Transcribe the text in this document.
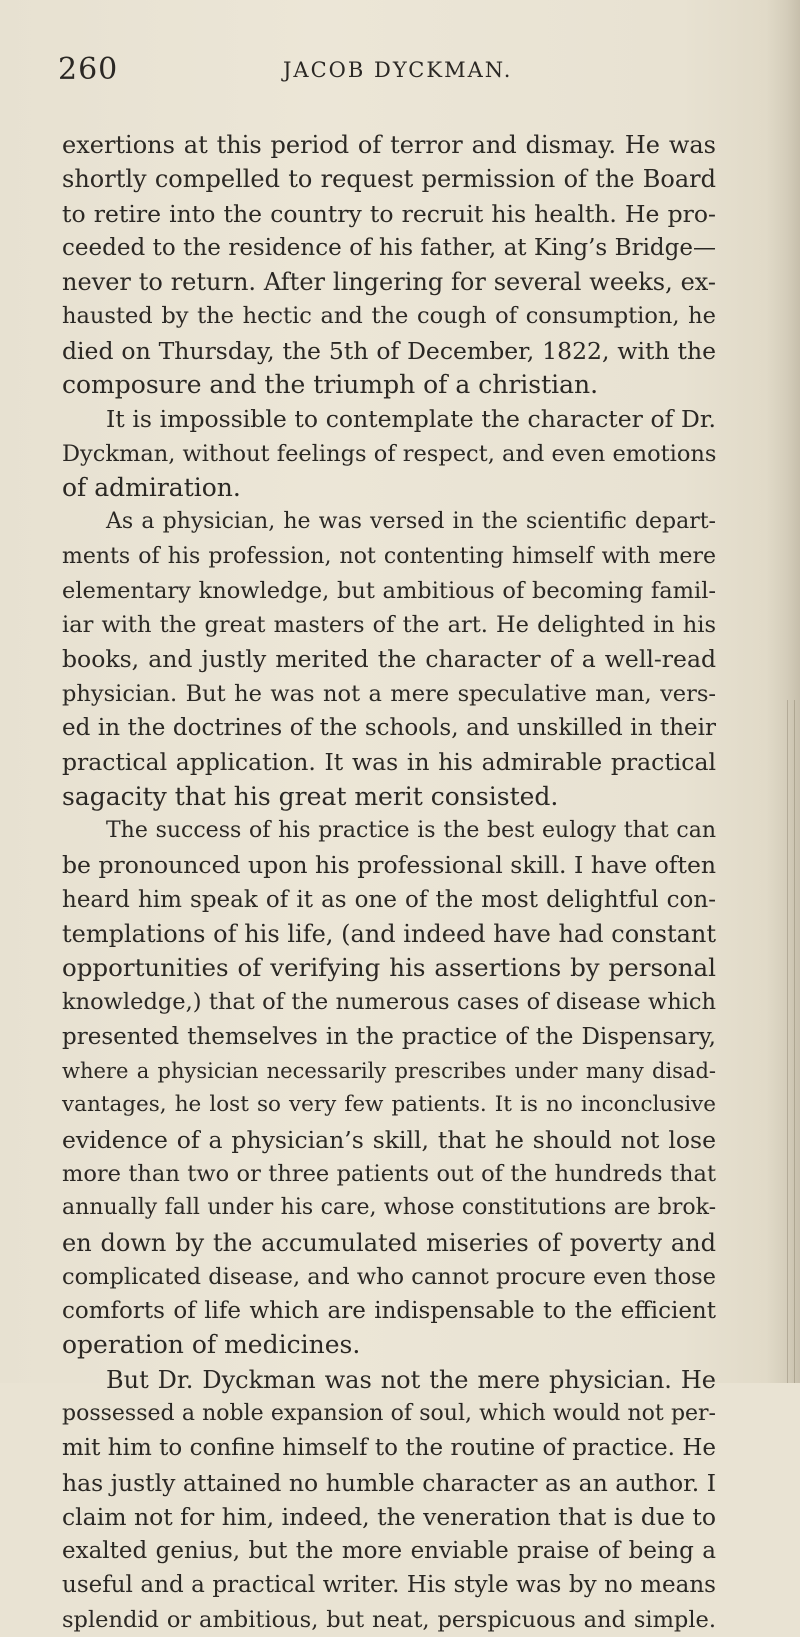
260	JACOB DYCKMAN.
exertions at this period of terror and dismay. He was
shortly compelled to request permission of the Board
to retire into the country to recruit his health. He pro-
ceeded to the residence of his father, at King’s Bridge—
never to return. After lingering for several weeks, ex-
hausted by the hectic and the cough of consumption, he
died on Thursday, the 5th of December, 1822, with the
composure and the triumph of a christian.
It is impossible to contemplate the character of Dr.
Dyckman, without feelings of respect, and even emotions
of admiration.
As a physician, he was versed in the scientific depart-
ments of his profession, not contenting himself with mere
elementary knowledge, but ambitious of becoming famil-
iar with the great masters of the art. He delighted in his
books, and justly merited the character of a well-read
physician. But he was not a mere speculative man, vers-
ed in the doctrines of the schools, and unskilled in their
practical application. It was in his admirable practical
sagacity that his great merit consisted.
The success of his practice is the best eulogy that can
be pronounced upon his professional skill. I have often
heard him speak of it as one of the most delightful con-
templations of his life, (and indeed have had constant
opportunities of verifying his assertions by personal
knowledge,) that of the numerous cases of disease which
presented themselves in the practice of the Dispensary,
where a physician necessarily prescribes under many disad-
vantages, he lost so very few patients. It is no inconclusive
evidence of a physician’s skill, that he should not lose
more than two or three patients out of the hundreds that
annually fall under his care, whose constitutions are brok-
en down by the accumulated miseries of poverty and
complicated disease, and who cannot procure even those
comforts of life which are indispensable to the efficient
operation of medicines.
But Dr. Dyckman was not the mere physician. He
possessed a noble expansion of soul, which would not per-
mit him to confine himself to the routine of practice. He
has justly attained no humble character as an author. I
claim not for him, indeed, the veneration that is due to
exalted genius, but the more enviable praise of being a
useful and a practical writer. His style was by no means
splendid or ambitious, but neat, perspicuous and simple.
